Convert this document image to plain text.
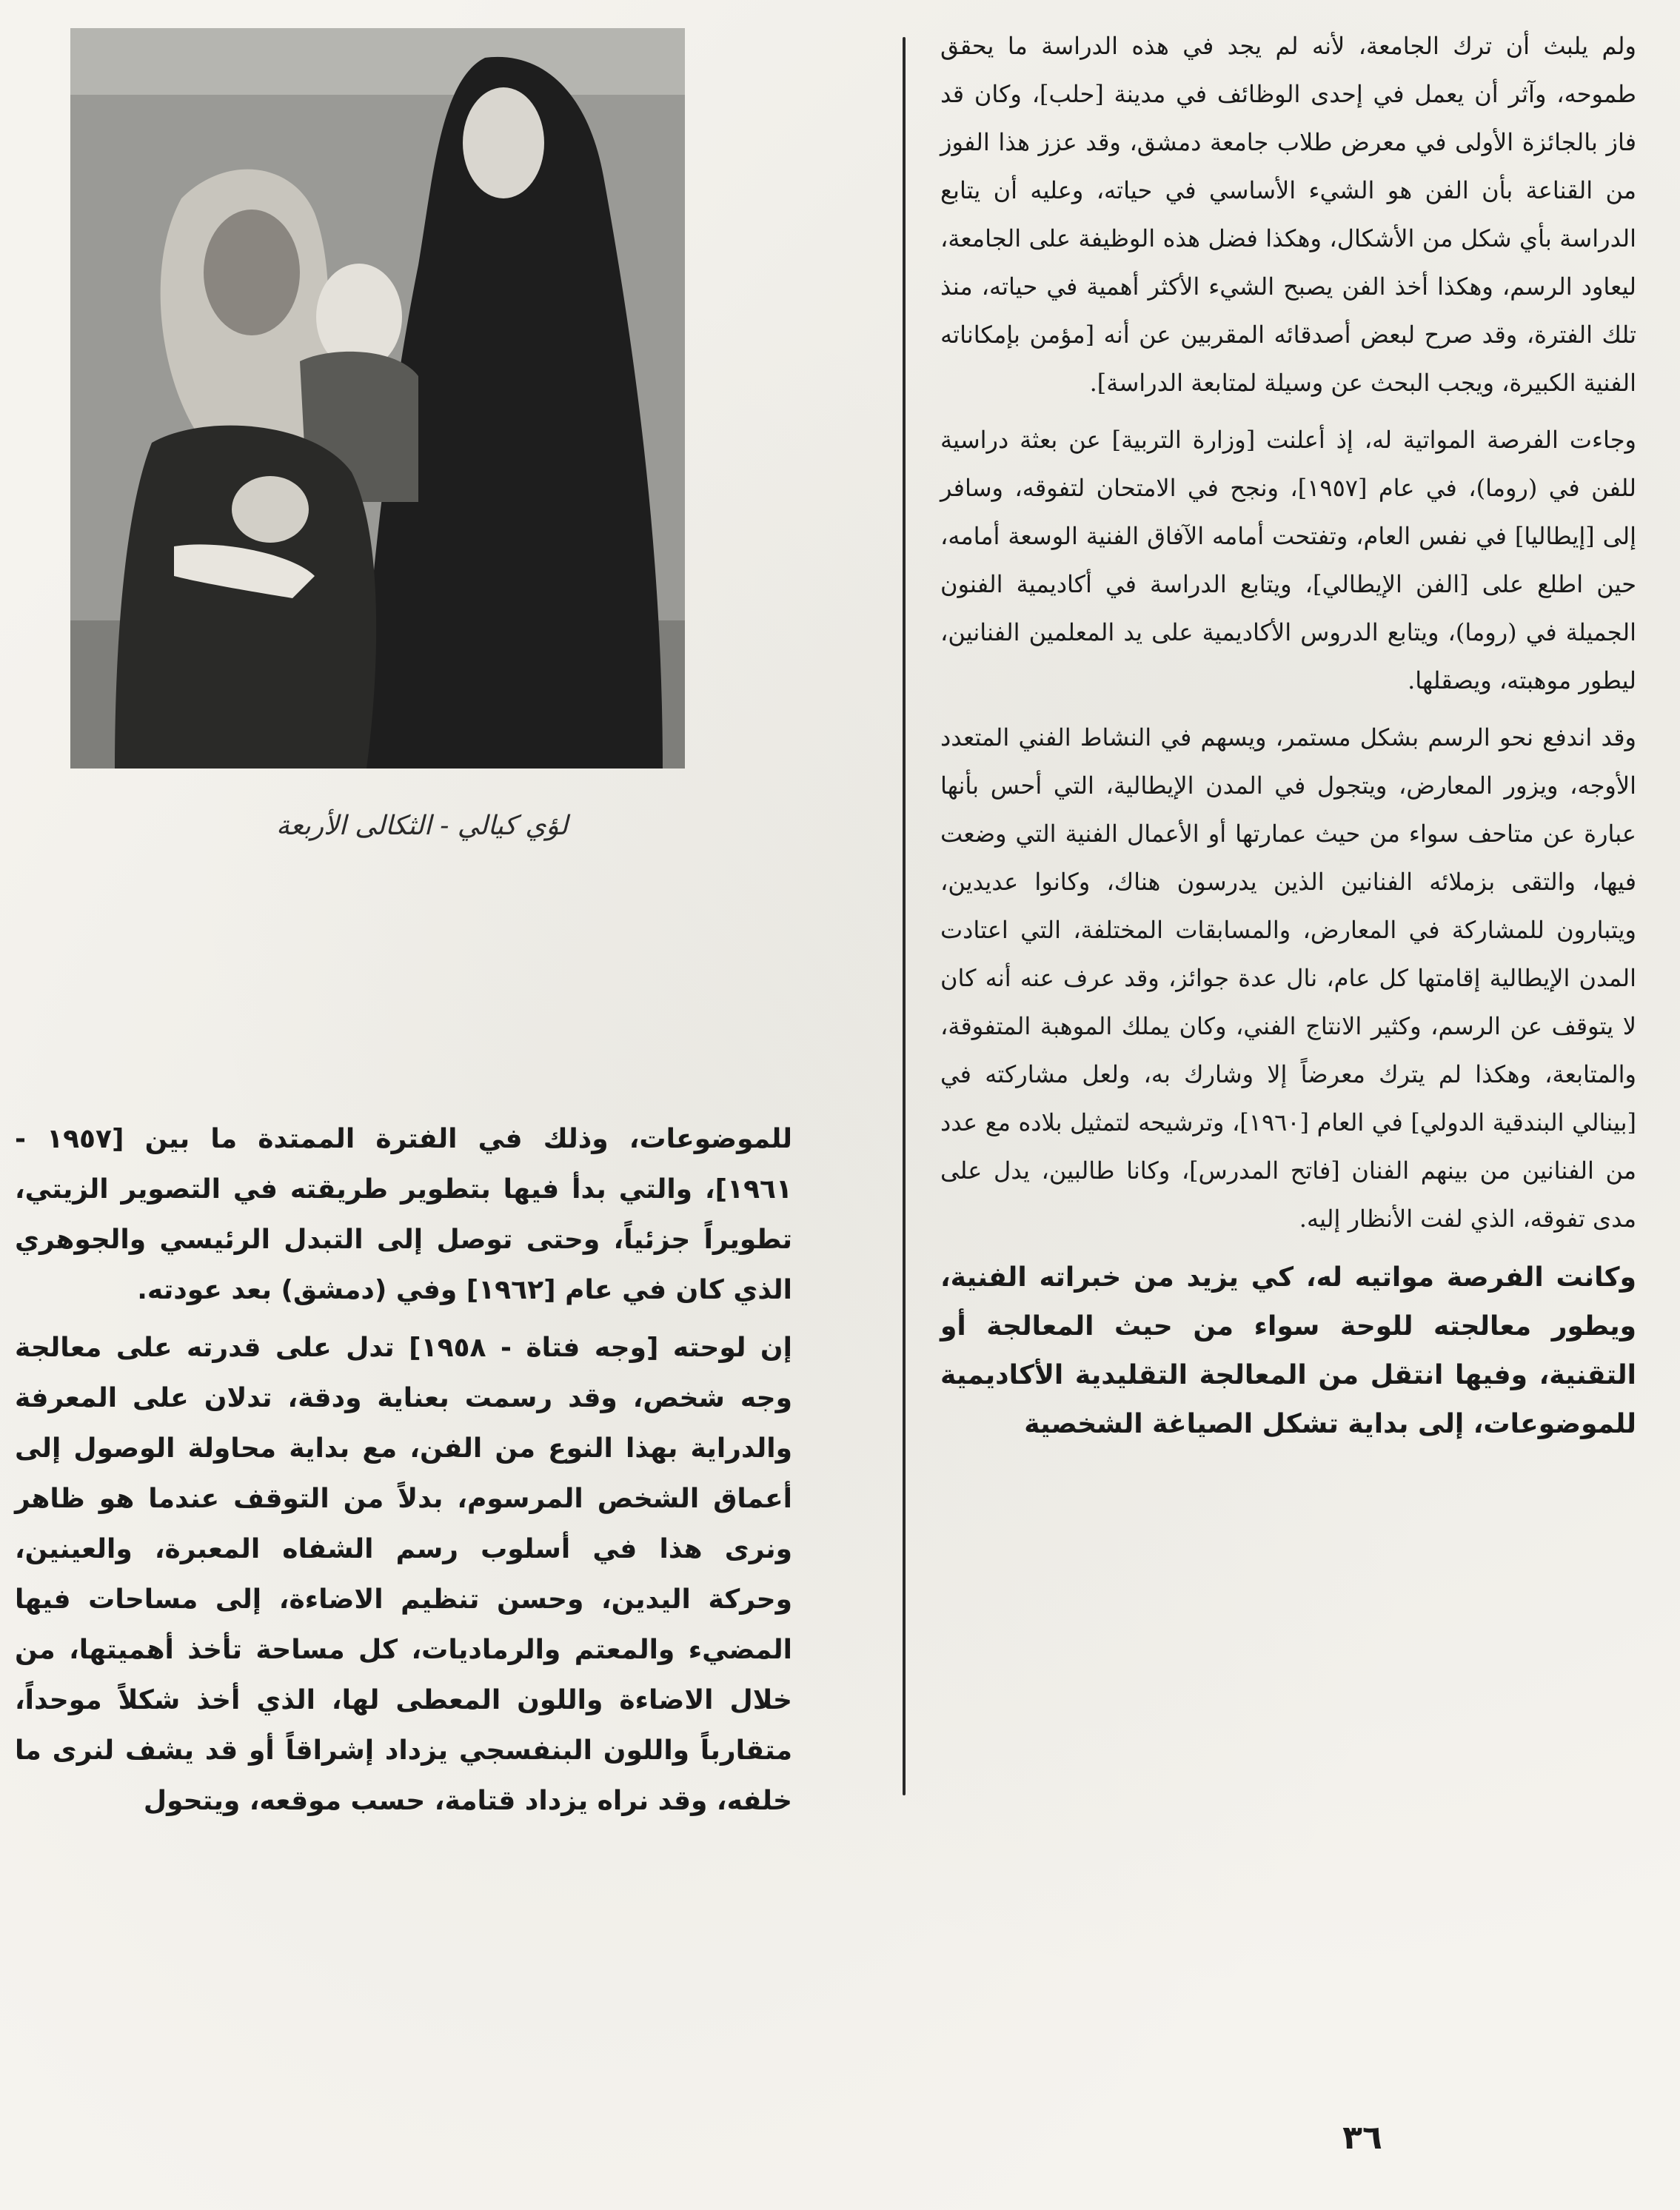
ولم يلبث أن ترك الجامعة، لأنه لم يجد في هذه الدراسة ما يحقق طموحه، وآثر أن يعمل في إحدى الوظائف في مدينة [حلب]، وكان قد فاز بالجائزة الأولى في معرض طلاب جامعة دمشق، وقد عزز هذا الفوز من القناعة بأن الفن هو الشيء الأساسي في حياته، وعليه أن يتابع الدراسة بأي شكل من الأشكال، وهكذا فضل هذه الوظيفة على الجامعة، ليعاود الرسم، وهكذا أخذ الفن يصبح الشيء الأكثر أهمية في حياته، منذ تلك الفترة، وقد صرح لبعض أصدقائه المقربين عن أنه [مؤمن بإمكاناته الفنية الكبيرة، ويجب البحث عن وسيلة لمتابعة الدراسة].

وجاءت الفرصة المواتية له، إذ أعلنت [وزارة التربية] عن بعثة دراسية للفن في (روما)، في عام [١٩٥٧]، ونجح في الامتحان لتفوقه، وسافر إلى [إيطاليا] في نفس العام، وتفتحت أمامه الآفاق الفنية الوسعة أمامه، حين اطلع على [الفن الإيطالي]، ويتابع الدراسة في أكاديمية الفنون الجميلة في (روما)، ويتابع الدروس الأكاديمية على يد المعلمين الفنانين، ليطور موهبته، ويصقلها.

وقد اندفع نحو الرسم بشكل مستمر، ويسهم في النشاط الفني المتعدد الأوجه، ويزور المعارض، ويتجول في المدن الإيطالية، التي أحس بأنها عبارة عن متاحف سواء من حيث عمارتها أو الأعمال الفنية التي وضعت فيها، والتقى بزملائه الفنانين الذين يدرسون هناك، وكانوا عديدين، ويتبارون للمشاركة في المعارض، والمسابقات المختلفة، التي اعتادت المدن الإيطالية إقامتها كل عام، نال عدة جوائز، وقد عرف عنه أنه كان لا يتوقف عن الرسم، وكثير الانتاج الفني، وكان يملك الموهبة المتفوقة، والمتابعة، وهكذا لم يترك معرضاً إلا وشارك به، ولعل مشاركته في [بينالي البندقية الدولي] في العام [١٩٦٠]، وترشيحه لتمثيل بلاده مع عدد من الفنانين من بينهم الفنان [فاتح المدرس]، وكانا طالبين، يدل على مدى تفوقه، الذي لفت الأنظار إليه.

وكانت الفرصة مواتيه له، كي يزيد من خبراته الفنية، ويطور معالجته للوحة سواء من حيث المعالجة أو التقنية، وفيها انتقل من المعالجة التقليدية الأكاديمية للموضوعات، إلى بداية تشكل الصياغة الشخصية

لؤي كيالي - الثكالى الأربعة

للموضوعات، وذلك في الفترة الممتدة ما بين [١٩٥٧ - ١٩٦١]، والتي بدأ فيها بتطوير طريقته في التصوير الزيتي، تطويراً جزئياً، وحتى توصل إلى التبدل الرئيسي والجوهري الذي كان في عام [١٩٦٢] وفي (دمشق) بعد عودته.

إن لوحته [وجه فتاة - ١٩٥٨] تدل على قدرته على معالجة وجه شخص، وقد رسمت بعناية ودقة، تدلان على المعرفة والدراية بهذا النوع من الفن، مع بداية محاولة الوصول إلى أعماق الشخص المرسوم، بدلاً من التوقف عندما هو ظاهر ونرى هذا في أسلوب رسم الشفاه المعبرة، والعينين، وحركة اليدين، وحسن تنظيم الاضاءة، إلى مساحات فيها المضيء والمعتم والرماديات، كل مساحة تأخذ أهميتها، من خلال الاضاءة واللون المعطى لها، الذي أخذ شكلاً موحداً، متقارباً واللون البنفسجي يزداد إشراقاً أو قد يشف لنرى ما خلفه، وقد نراه يزداد قتامة، حسب موقعه، ويتحول

٣٦
